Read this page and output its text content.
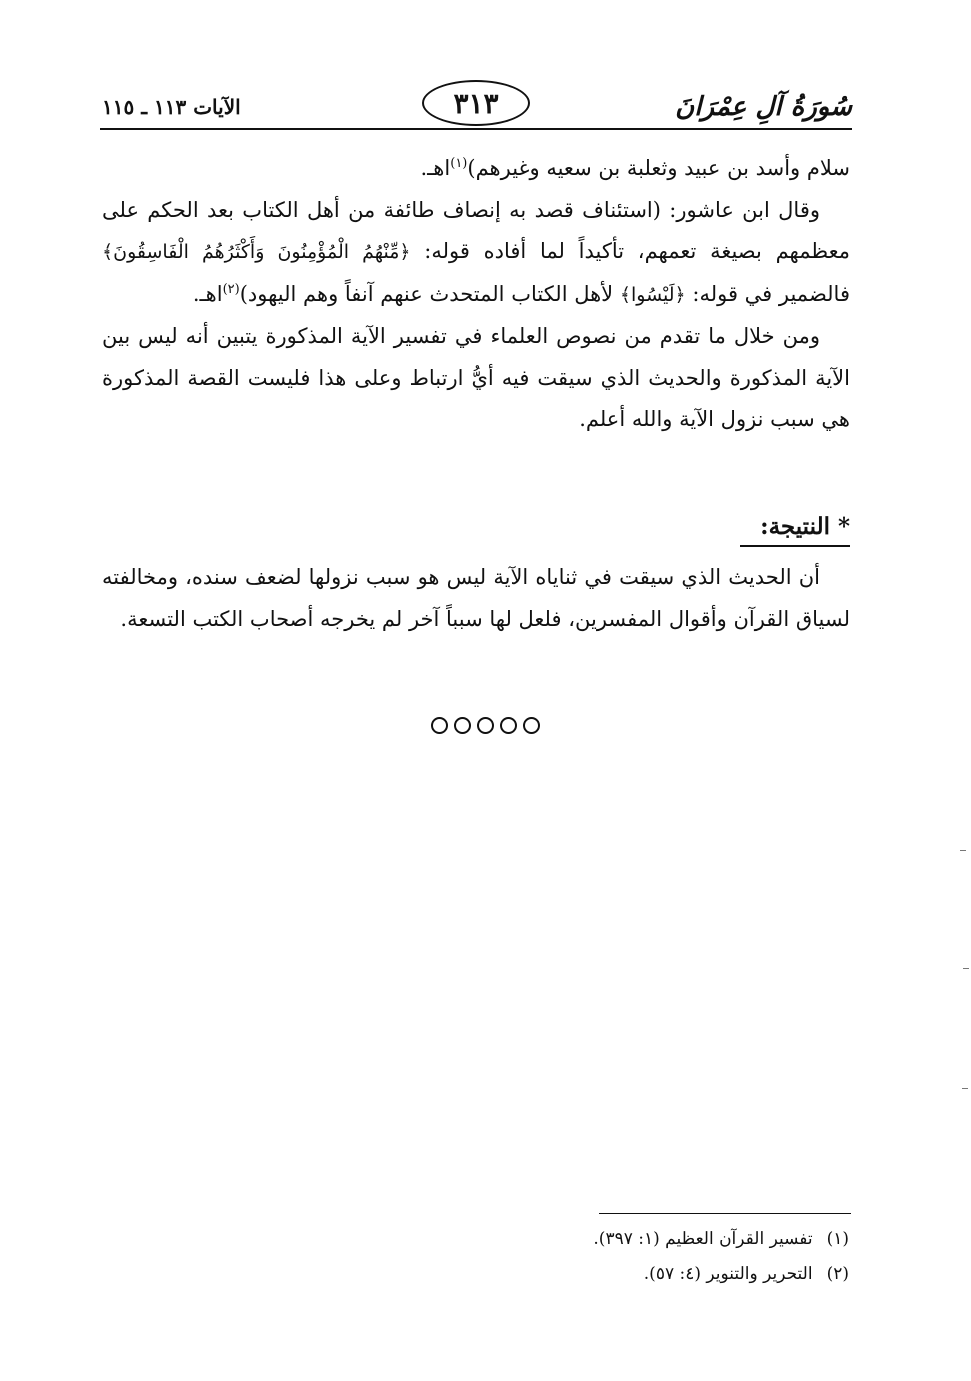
سُورَةُ آلِ عِمْرَانَ
٣١٣
الآيات ١١٣ ـ ١١٥

سلام وأسد بن عبيد وثعلبة بن سعيه وغيرهم)$^{(١)}$اهـ.

وقال ابن عاشور: (استئناف قصد به إنصاف طائفة من أهل الكتاب بعد الحكم على معظمهم بصيغة تعمهم، تأكيداً لما أفاده قوله: ﴿مِّنْهُمُ الْمُؤْمِنُونَ وَأَكْثَرُهُمُ الْفَاسِقُونَ﴾ فالضمير في قوله: ﴿لَيْسُوا﴾ لأهل الكتاب المتحدث عنهم آنفاً وهم اليهود)$^{(٢)}$اهـ.

ومن خلال ما تقدم من نصوص العلماء في تفسير الآية المذكورة يتبين أنه ليس بين الآية المذكورة والحديث الذي سيقت فيه أيُّ ارتباط وعلى هذا فليست القصة المذكورة هي سبب نزول الآية والله أعلم.

*
النتيجة:

أن الحديث الذي سيقت في ثناياه الآية ليس هو سبب نزولها لضعف سنده، ومخالفته لسياق القرآن وأقوال المفسرين، فلعل لها سبباً آخر لم يخرجه أصحاب الكتب التسعة.

(١)
تفسير القرآن العظيم (١: ٣٩٧).
(٢)
التحرير والتنوير (٤: ٥٧).
